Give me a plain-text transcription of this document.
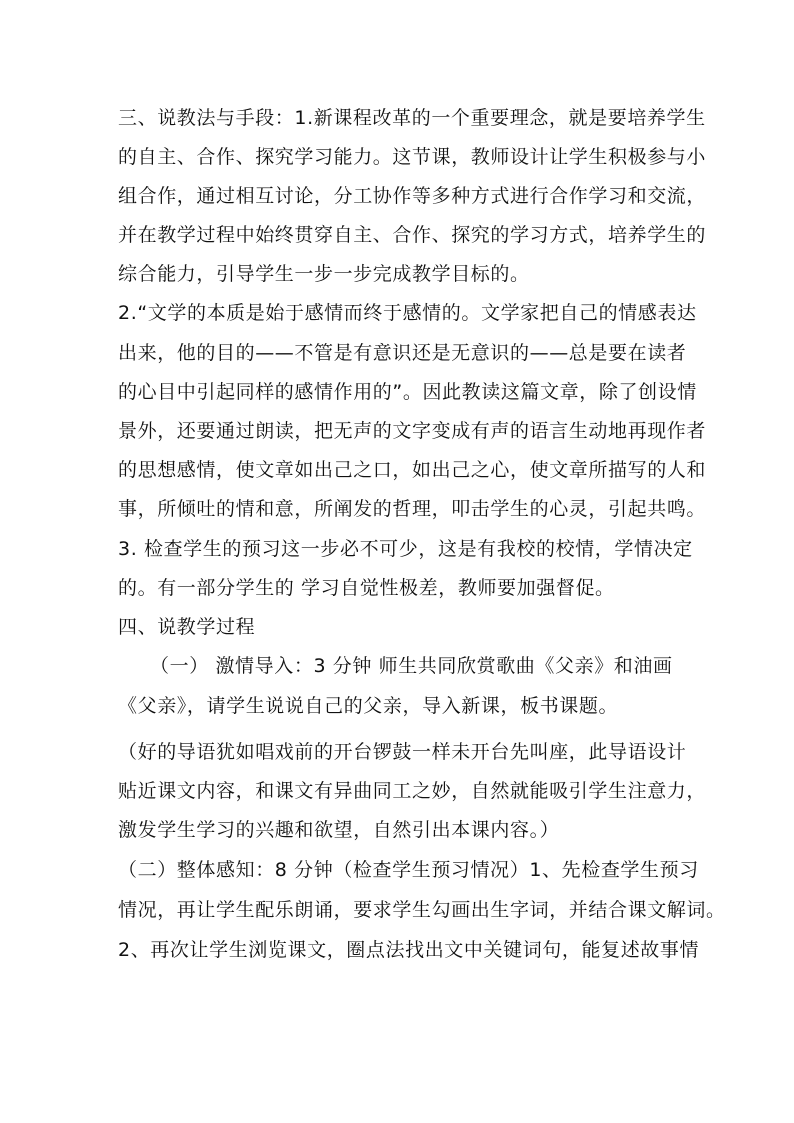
三、说教法与手段：1.新课程改革的一个重要理念，就是要培养学生
的自主、合作、探究学习能力。这节课，教师设计让学生积极参与小
组合作，通过相互讨论，分工协作等多种方式进行合作学习和交流，
并在教学过程中始终贯穿自主、合作、探究的学习方式，培养学生的
综合能力，引导学生一步一步完成教学目标的。
2.“文学的本质是始于感情而终于感情的。文学家把自己的情感表达
出来，他的目的——不管是有意识还是无意识的——总是要在读者
的心目中引起同样的感情作用的”。因此教读这篇文章，除了创设情
景外，还要通过朗读，把无声的文字变成有声的语言生动地再现作者
的思想感情，使文章如出己之口，如出己之心，使文章所描写的人和
事，所倾吐的情和意，所阐发的哲理，叩击学生的心灵，引起共鸣。
3. 检查学生的预习这一步必不可少，这是有我校的校情，学情决定
的。有一部分学生的 学习自觉性极差，教师要加强督促。
四、说教学过程
（一） 激情导入：3 分钟 师生共同欣赏歌曲《父亲》和油画
《父亲》，请学生说说自己的父亲，导入新课，板书课题。
（好的导语犹如唱戏前的开台锣鼓一样未开台先叫座，此导语设计
贴近课文内容，和课文有异曲同工之妙，自然就能吸引学生注意力，
激发学生学习的兴趣和欲望，自然引出本课内容。）
（二）整体感知：8 分钟（检查学生预习情况）1、先检查学生预习
情况，再让学生配乐朗诵，要求学生勾画出生字词，并结合课文解词。
2、再次让学生浏览课文，圈点法找出文中关键词句，能复述故事情
